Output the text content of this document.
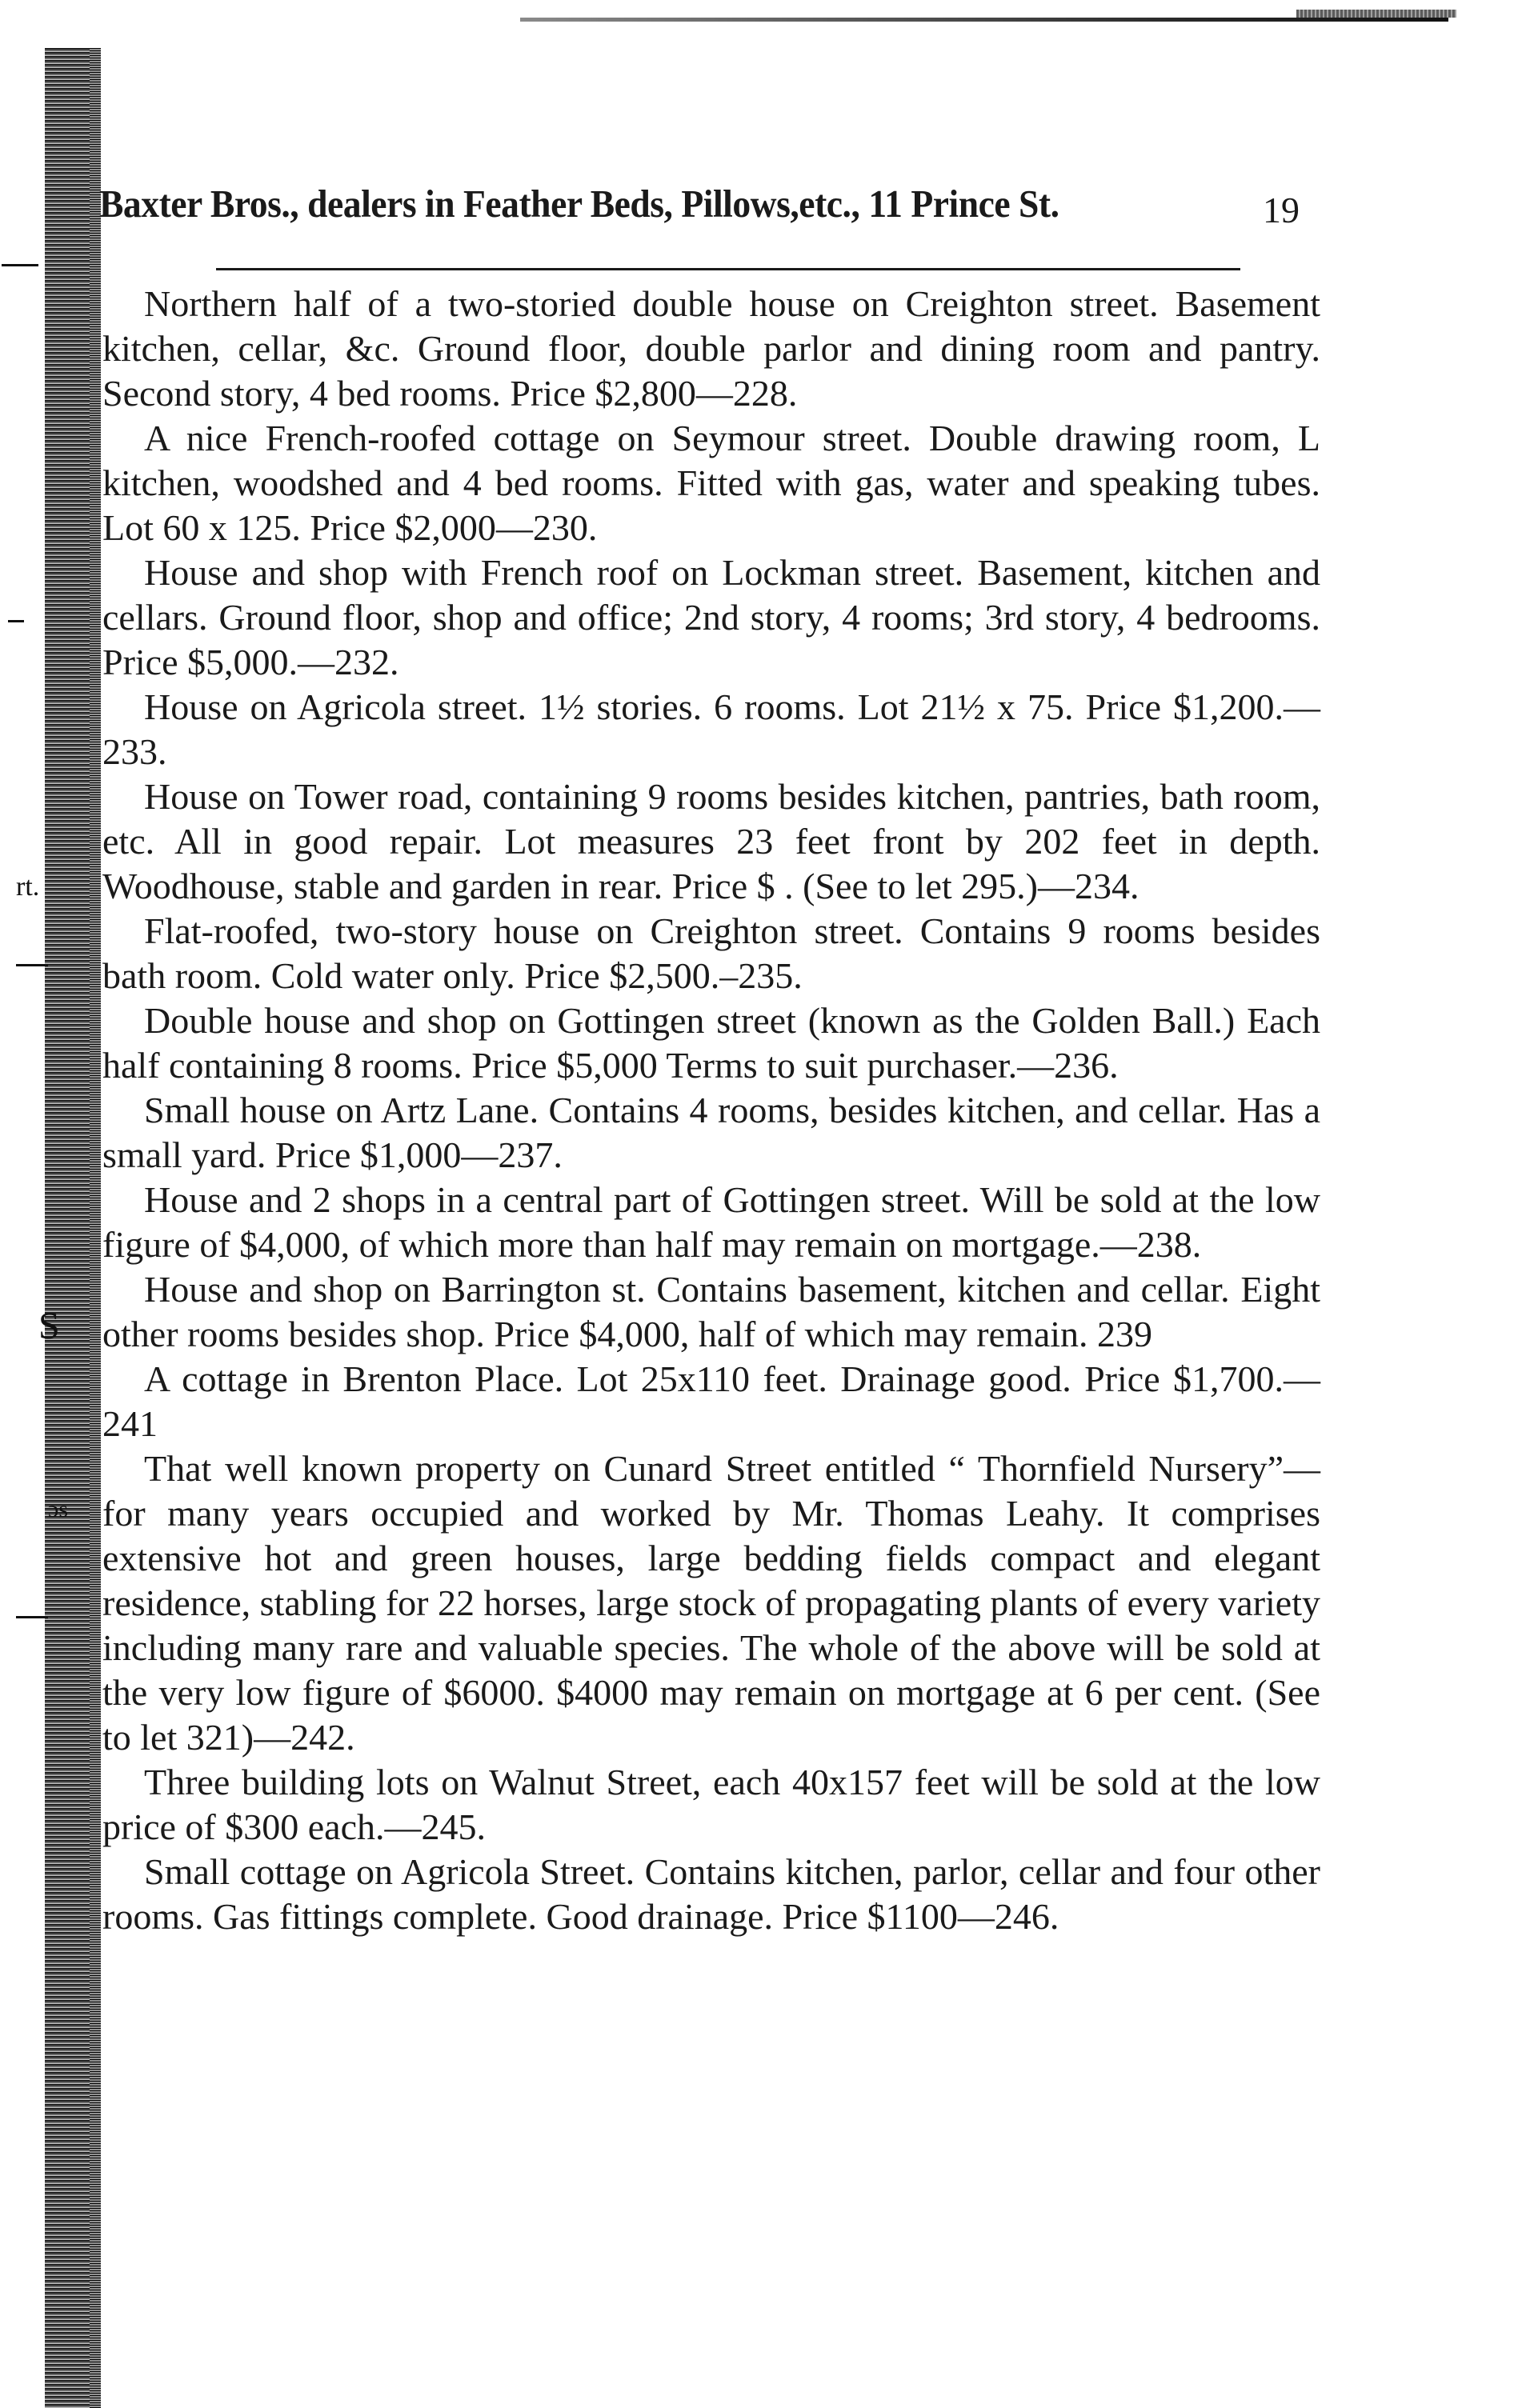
rt.
S
ɔs
Baxter Bros., dealers in Feather Beds, Pillows,etc., 11 Prince St.	19

Northern half of a two-storied double house on Creighton street. Basement kitchen, cellar, &c. Ground floor, double parlor and dining room and pantry. Second story, 4 bed rooms. Price $2,800—228.

A nice French-roofed cottage on Seymour street. Double drawing room, L kitchen, woodshed and 4 bed rooms. Fitted with gas, water and speaking tubes. Lot 60 x 125. Price $2,000—230.

House and shop with French roof on Lockman street. Basement, kitchen and cellars. Ground floor, shop and office; 2nd story, 4 rooms; 3rd story, 4 bedrooms. Price $5,000.—232.

House on Agricola street. 1½ stories. 6 rooms. Lot 21½ x 75. Price $1,200.—233.

House on Tower road, containing 9 rooms besides kitchen, pantries, bath room, etc. All in good repair. Lot measures 23 feet front by 202 feet in depth. Woodhouse, stable and garden in rear. Price $ . (See to let 295.)—234.

Flat-roofed, two-story house on Creighton street. Contains 9 rooms besides bath room. Cold water only. Price $2,500.–235.

Double house and shop on Gottingen street (known as the Golden Ball.) Each half containing 8 rooms. Price $5,000 Terms to suit purchaser.—236.

Small house on Artz Lane. Contains 4 rooms, besides kitchen, and cellar. Has a small yard. Price $1,000—237.

House and 2 shops in a central part of Gottingen street. Will be sold at the low figure of $4,000, of which more than half may remain on mortgage.—238.

House and shop on Barrington st. Contains basement, kitchen and cellar. Eight other rooms besides shop. Price $4,000, half of which may remain. 239

A cottage in Brenton Place. Lot 25x110 feet. Drainage good. Price $1,700.—241

That well known property on Cunard Street entitled “ Thornfield Nursery”—for many years occupied and worked by Mr. Thomas Leahy. It comprises extensive hot and green houses, large bedding fields compact and elegant residence, stabling for 22 horses, large stock of propagating plants of every variety including many rare and valuable species. The whole of the above will be sold at the very low figure of $6000. $4000 may remain on mortgage at 6 per cent. (See to let 321)—242.

Three building lots on Walnut Street, each 40x157 feet will be sold at the low price of $300 each.—245.

Small cottage on Agricola Street. Contains kitchen, parlor, cellar and four other rooms. Gas fittings complete. Good drainage. Price $1100—246.
